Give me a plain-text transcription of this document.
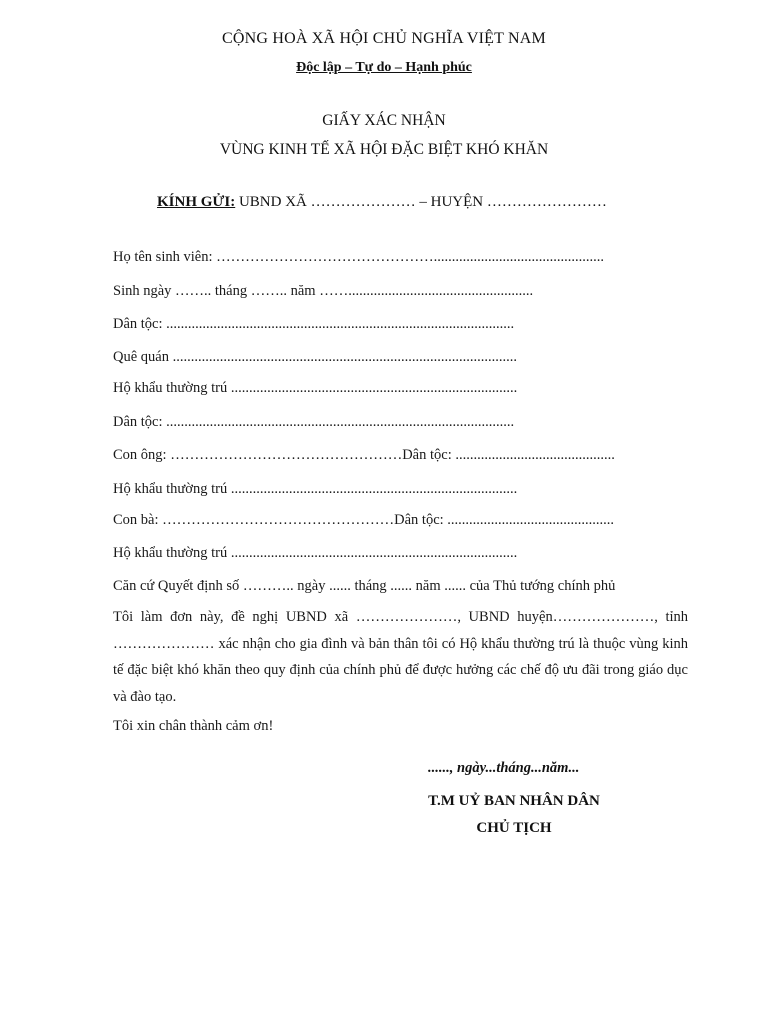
CỘNG HOÀ XÃ HỘI CHỦ NGHĨA VIỆT NAM
Độc lập – Tự do – Hạnh phúc
GIẤY XÁC NHẬN
VÙNG KINH TẾ XÃ HỘI ĐẶC BIỆT KHÓ KHĂN
KÍNH GỬI: UBND XÃ ………………… – HUYỆN ……………………
Họ tên sinh viên: ………………………………………...............................................
Sinh ngày …….. tháng …….. năm ……...................................................
Dân tộc: ................................................................................................
Quê quán ...............................................................................................
Hộ khẩu thường trú ...............................................................................
Dân tộc: ................................................................................................
Con ông: …………………………………………Dân tộc: ............................................
Hộ khẩu thường trú ...............................................................................
Con bà: …………………………………………Dân tộc: ..............................................
Hộ khẩu thường trú ...............................................................................
Căn cứ Quyết định số ……….. ngày ...... tháng ...... năm ...... của Thủ tướng chính phủ
Tôi làm đơn này, đề nghị UBND xã …………………, UBND huyện…………………, tỉnh ………………… xác nhận cho gia đình và bản thân tôi có Hộ khẩu thường trú là thuộc vùng kinh tế đặc biệt khó khăn theo quy định của chính phủ để được hưởng các chế độ ưu đãi trong giáo dục và đào tạo.
Tôi xin chân thành cảm ơn!
......, ngày...tháng...năm...
T.M UỶ BAN NHÂN DÂN
CHỦ TỊCH
